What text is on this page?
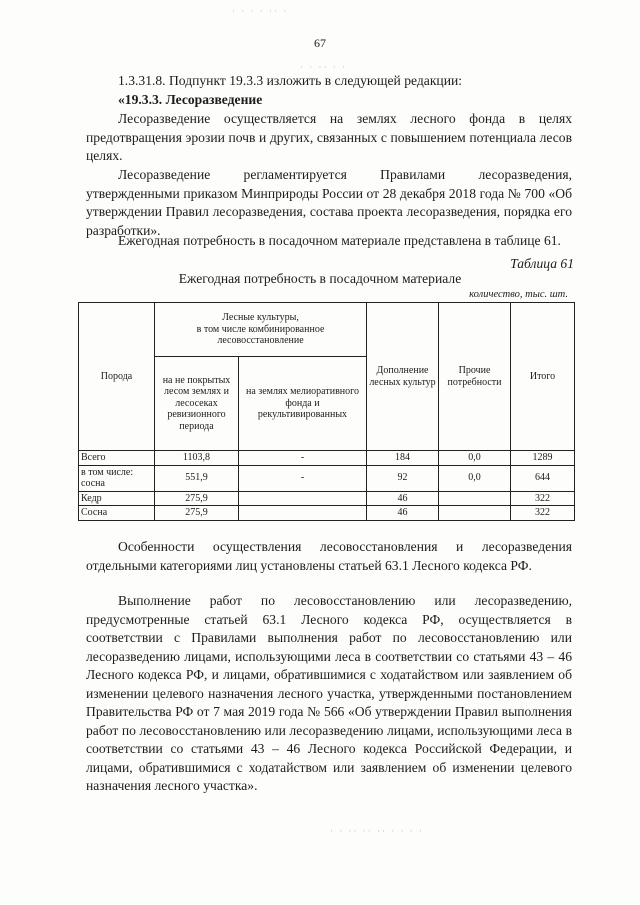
· · · · ·· ·
· · ·· · ·
· · ·· ·· ·· · · · ·
67

1.3.31.8. Подпункт 19.3.3 изложить в следующей редакции:

«19.3.3. Лесоразведение

Лесоразведение осуществляется на землях лесного фонда в целях предотвращения эрозии почв и других, связанных с повышением потенциала лесов целях.

Лесоразведение регламентируется Правилами лесоразведения, утвержденными приказом Минприроды России от 28 декабря 2018 года № 700 «Об утверждении Правил лесоразведения, состава проекта лесоразведения, порядка его разработки».

Ежегодная потребность в посадочном материале представлена в таблице 61.

Таблица 61
Ежегодная потребность в посадочном материале
количество, тыс. шт.
Порода	Лесные культуры,
в том числе комбинированное
лесовосстановление		Дополнение лесных культур	Прочие потребности	Итого
	на не покрытых лесом землях и лесосеках ревизионного периода	на землях мелиоративного фонда и рекультивированных			
Всего	1103,8	-	184	0,0	1289
в том числе:
сосна	551,9	-	92	0,0	644
Кедр	275,9		46		322
Сосна	275,9		46		322

Особенности осуществления лесовосстановления и лесоразведения отдельными категориями лиц установлены статьей 63.1 Лесного кодекса РФ.

Выполнение работ по лесовосстановлению или лесоразведению, предусмотренные статьей 63.1 Лесного кодекса РФ, осуществляется в соответствии с Правилами выполнения работ по лесовосстановлению или лесоразведению лицами, использующими леса в соответствии со статьями 43 – 46 Лесного кодекса РФ, и лицами, обратившимися с ходатайством или заявлением об изменении целевого назначения лесного участка, утвержденными постановлением Правительства РФ от 7 мая 2019 года № 566 «Об утверждении Правил выполнения работ по лесовосстановлению или лесоразведению лицами, использующими леса в соответствии со статьями 43 – 46 Лесного кодекса Российской Федерации, и лицами, обратившимися с ходатайством или заявлением об изменении целевого назначения лесного участка».
